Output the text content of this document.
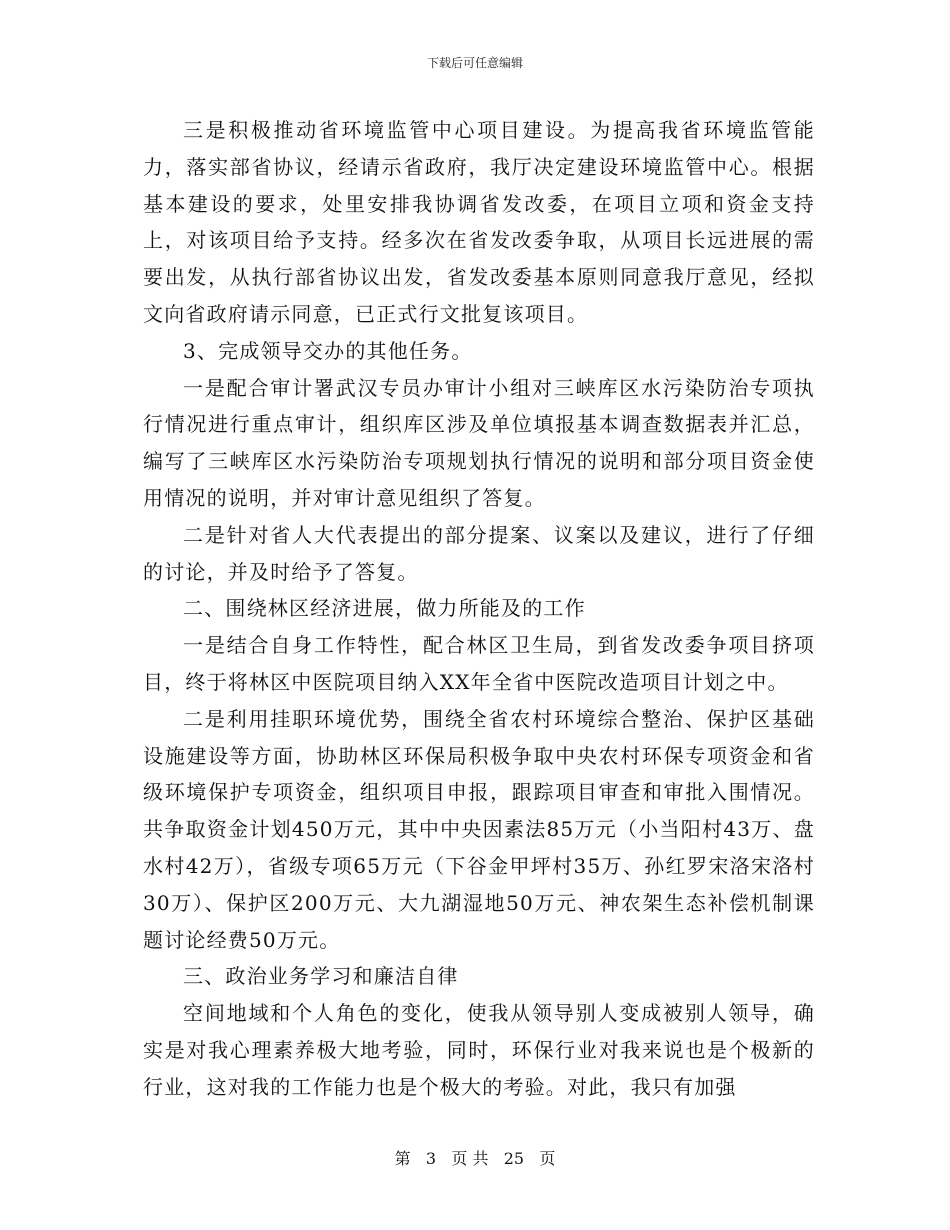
下载后可任意编辑

三是积极推动省环境监管中心项目建设。为提高我省环境监管能力，落实部省协议，经请示省政府，我厅决定建设环境监管中心。根据基本建设的要求，处里安排我协调省发改委，在项目立项和资金支持上，对该项目给予支持。经多次在省发改委争取，从项目长远进展的需要出发，从执行部省协议出发，省发改委基本原则同意我厅意见，经拟文向省政府请示同意，已正式行文批复该项目。

3、完成领导交办的其他任务。

一是配合审计署武汉专员办审计小组对三峡库区水污染防治专项执行情况进行重点审计，组织库区涉及单位填报基本调查数据表并汇总，编写了三峡库区水污染防治专项规划执行情况的说明和部分项目资金使用情况的说明，并对审计意见组织了答复。

二是针对省人大代表提出的部分提案、议案以及建议，进行了仔细的讨论，并及时给予了答复。

二、围绕林区经济进展，做力所能及的工作

一是结合自身工作特性，配合林区卫生局，到省发改委争项目挤项目，终于将林区中医院项目纳入XX年全省中医院改造项目计划之中。

二是利用挂职环境优势，围绕全省农村环境综合整治、保护区基础设施建设等方面，协助林区环保局积极争取中央农村环保专项资金和省级环境保护专项资金，组织项目申报，跟踪项目审查和审批入围情况。共争取资金计划450万元，其中中央因素法85万元（小当阳村43万、盘水村42万），省级专项65万元（下谷金甲坪村35万、孙红罗宋洛宋洛村30万）、保护区200万元、大九湖湿地50万元、神农架生态补偿机制课题讨论经费50万元。

三、政治业务学习和廉洁自律

空间地域和个人角色的变化，使我从领导别人变成被别人领导，确实是对我心理素养极大地考验，同时，环保行业对我来说也是个极新的行业，这对我的工作能力也是个极大的考验。对此，我只有加强

第 3 页 共 25 页
